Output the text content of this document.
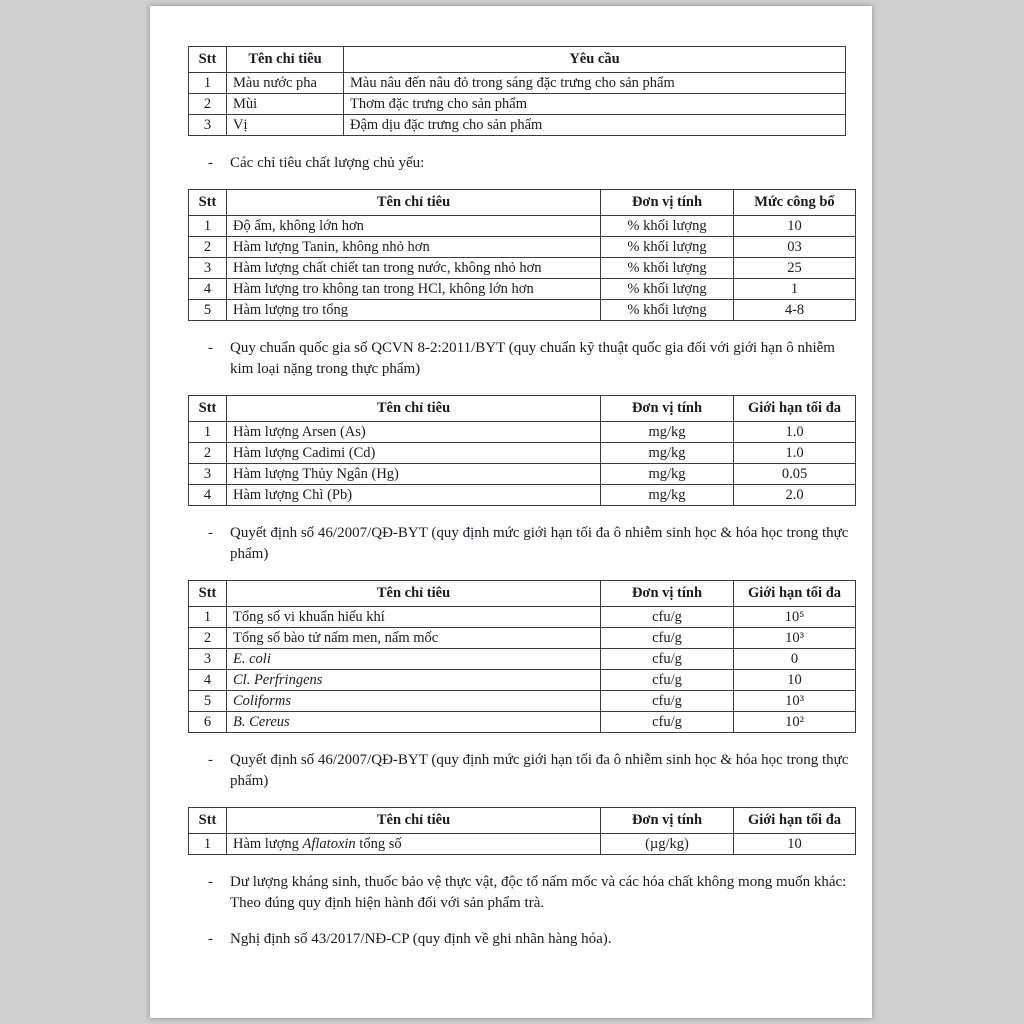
Stt	Tên chỉ tiêu	Yêu cầu
1	Màu nước pha	Màu nâu đến nâu đỏ trong sáng đặc trưng cho sản phẩm
2	Mùi	Thơm đặc trưng cho sản phẩm
3	Vị	Đậm dịu đặc trưng cho sản phẩm
-	Các chỉ tiêu chất lượng chủ yếu:
Stt	Tên chỉ tiêu	Đơn vị tính	Mức công bố
1	Độ ẩm, không lớn hơn	% khối lượng	10
2	Hàm lượng Tanin, không nhỏ hơn	% khối lượng	03
3	Hàm lượng chất chiết tan trong nước, không nhỏ hơn	% khối lượng	25
4	Hàm lượng tro không tan trong HCl, không lớn hơn	% khối lượng	1
5	Hàm lượng tro tổng	% khối lượng	4-8
-	Quy chuẩn quốc gia số QCVN 8-2:2011/BYT (quy chuẩn kỹ thuật quốc gia đối với giới hạn ô nhiễm kim loại nặng trong thực phẩm)
Stt	Tên chỉ tiêu	Đơn vị tính	Giới hạn tối đa
1	Hàm lượng Arsen (As)	mg/kg	1.0
2	Hàm lượng Cadimi (Cd)	mg/kg	1.0
3	Hàm lượng Thủy Ngân (Hg)	mg/kg	0.05
4	Hàm lượng Chì (Pb)	mg/kg	2.0
-	Quyết định số 46/2007/QĐ-BYT (quy định mức giới hạn tối đa ô nhiễm sinh học & hóa học trong thực phẩm)
Stt	Tên chỉ tiêu	Đơn vị tính	Giới hạn tối đa
1	Tổng số vi khuẩn hiếu khí	cfu/g	10⁵
2	Tổng số bào tử nấm men, nấm mốc	cfu/g	10³
3	E. coli	cfu/g	0
4	Cl. Perfringens	cfu/g	10
5	Coliforms	cfu/g	10³
6	B. Cereus	cfu/g	10²
-	Quyết định số 46/2007/QĐ-BYT (quy định mức giới hạn tối đa ô nhiễm sinh học & hóa học trong thực phẩm)
Stt	Tên chỉ tiêu	Đơn vị tính	Giới hạn tối đa
1	Hàm lượng Aflatoxin tổng số	(µg/kg)	10
-	Dư lượng kháng sinh, thuốc bảo vệ thực vật, độc tố nấm mốc và các hóa chất không mong muốn khác: Theo đúng quy định hiện hành đối với sản phẩm trà.
-	Nghị định số 43/2017/NĐ-CP (quy định về ghi nhãn hàng hóa).
